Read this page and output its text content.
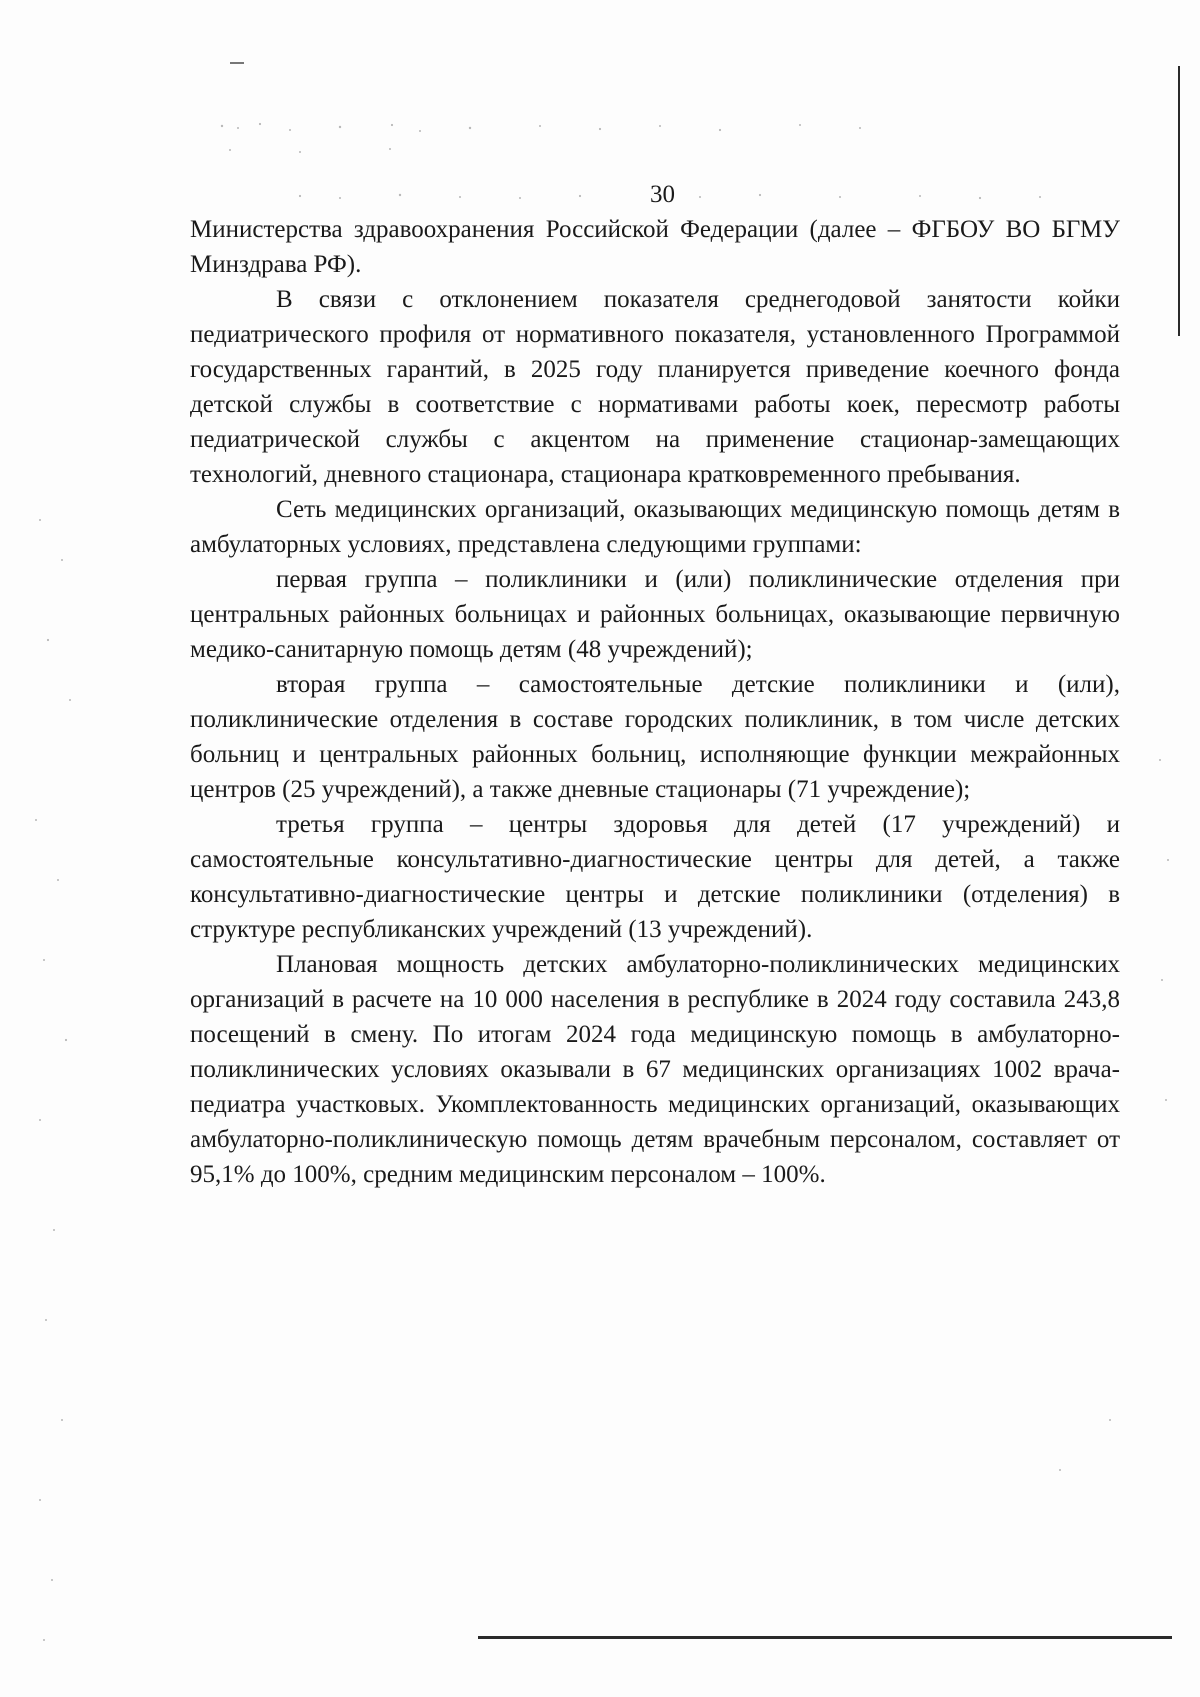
30

Министерства здравоохранения Российской Федерации (далее – ФГБОУ ВО БГМУ Минздрава РФ).

В связи с отклонением показателя среднегодовой занятости койки педиатрического профиля от нормативного показателя, установленного Программой государственных гарантий, в 2025 году планируется приведение коечного фонда детской службы в соответствие с нормативами работы коек, пересмотр работы педиатрической службы с акцентом на применение стационар-замещающих технологий, дневного стационара, стационара кратковременного пребывания.

Сеть медицинских организаций, оказывающих медицинскую помощь детям в амбулаторных условиях, представлена следующими группами:

первая группа – поликлиники и (или) поликлинические отделения при центральных районных больницах и районных больницах, оказывающие первичную медико-санитарную помощь детям (48 учреждений);

вторая группа – самостоятельные детские поликлиники и (или), поликлинические отделения в составе городских поликлиник, в том числе детских больниц и центральных районных больниц, исполняющие функции межрайонных центров (25 учреждений), а также дневные стационары (71 учреждение);

третья группа – центры здоровья для детей (17 учреждений) и самостоятельные консультативно-диагностические центры для детей, а также консультативно-диагностические центры и детские поликлиники (отделения) в структуре республиканских учреждений (13 учреждений).

Плановая мощность детских амбулаторно-поликлинических медицинских организаций в расчете на 10 000 населения в республике в 2024 году составила 243,8 посещений в смену. По итогам 2024 года медицинскую помощь в амбулаторно-поликлинических условиях оказывали в 67 медицинских организациях 1002 врача-педиатра участковых. Укомплектованность медицинских организаций, оказывающих амбулаторно-поликлиническую помощь детям врачебным персоналом, составляет от 95,1% до 100%, средним медицинским персоналом – 100%.
